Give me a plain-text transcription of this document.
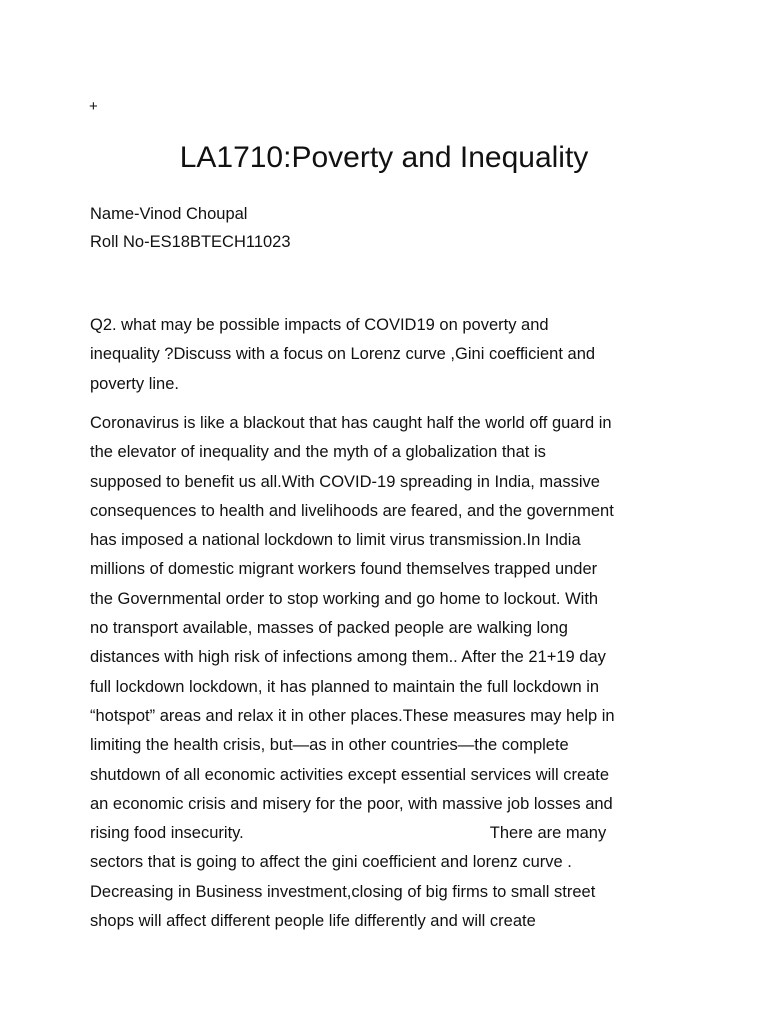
+
LA1710:Poverty and Inequality
Name-Vinod Choupal
Roll No-ES18BTECH11023
Q2. what may be possible impacts of COVID19 on poverty and
inequality ?Discuss with a focus on Lorenz curve ,Gini coefficient and
poverty line.
Coronavirus is like a blackout that has caught half the world off guard in
the elevator of inequality and the myth of a globalization that is
supposed to benefit us all.With COVID-19 spreading in India, massive
consequences to health and livelihoods are feared, and the government
has imposed a national lockdown to limit virus transmission.In India
millions of domestic migrant workers found themselves trapped under
the Governmental order to stop working and go home to lockout. With
no transport available, masses of packed people are walking long
distances with high risk of infections among them.. After the 21+19 day
full lockdown lockdown, it has planned to maintain the full lockdown in
“hotspot” areas and relax it in other places.These measures may help in
limiting the health crisis, but—as in other countries—the complete
shutdown of all economic activities except essential services will create
an economic crisis and misery for the poor, with massive job losses and
rising food insecurity.	There are many
sectors that is going to affect the gini coefficient and lorenz curve .
Decreasing in Business investment,closing of big firms to small street
shops will affect different people life differently and will create
